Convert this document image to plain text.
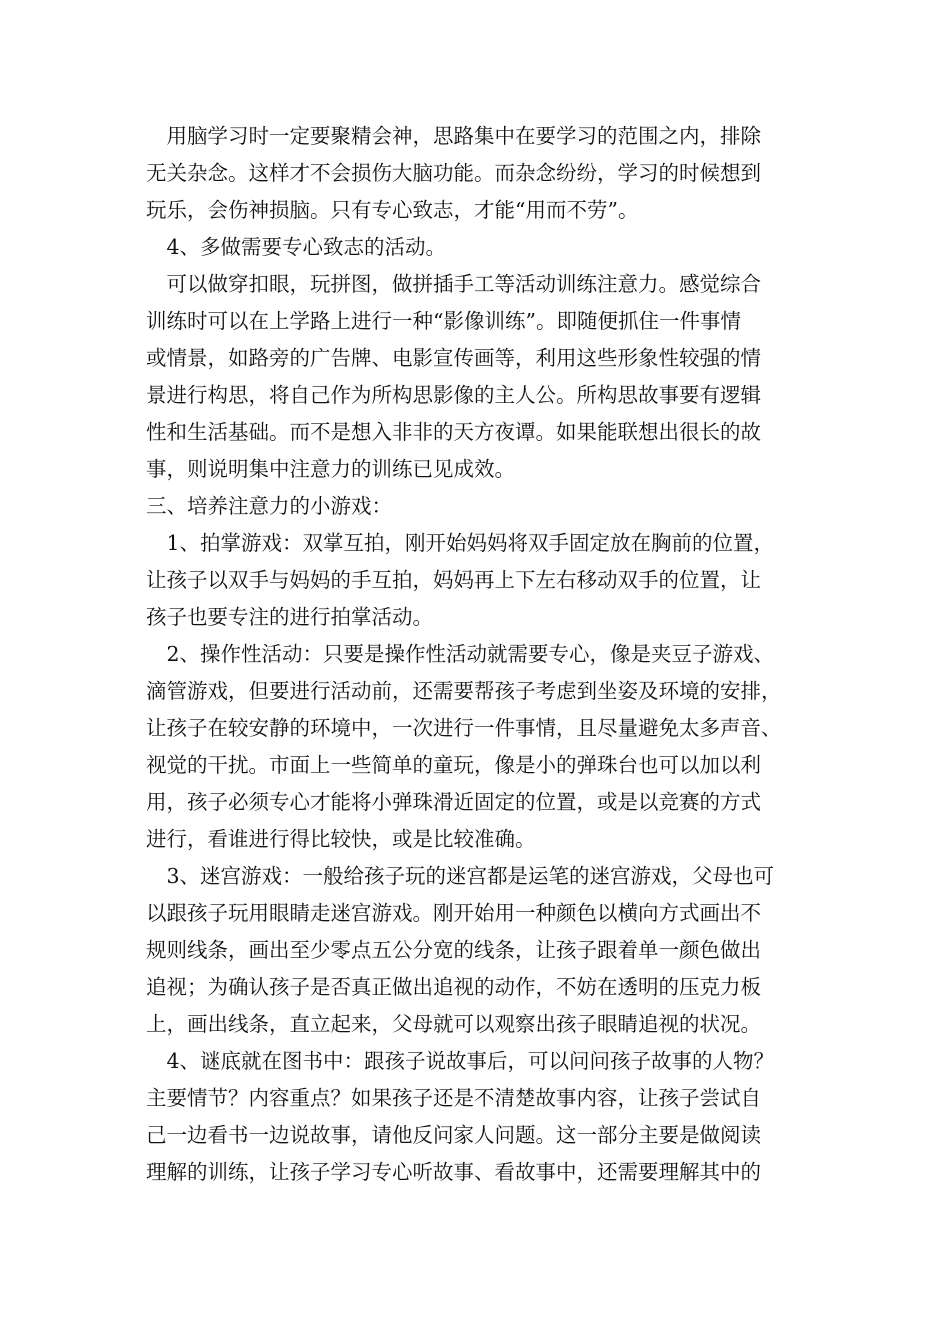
　用脑学习时一定要聚精会神，思路集中在要学习的范围之内，排除
无关杂念。这样才不会损伤大脑功能。而杂念纷纷，学习的时候想到
玩乐，会伤神损脑。只有专心致志，才能“用而不劳”。
　4、多做需要专心致志的活动。
　可以做穿扣眼，玩拼图，做拼插手工等活动训练注意力。感觉综合
训练时可以在上学路上进行一种“影像训练”。即随便抓住一件事情
或情景，如路旁的广告牌、电影宣传画等，利用这些形象性较强的情
景进行构思，将自己作为所构思影像的主人公。所构思故事要有逻辑
性和生活基础。而不是想入非非的天方夜谭。如果能联想出很长的故
事，则说明集中注意力的训练已见成效。
三、培养注意力的小游戏：
　1、拍掌游戏：双掌互拍，刚开始妈妈将双手固定放在胸前的位置，
让孩子以双手与妈妈的手互拍，妈妈再上下左右移动双手的位置，让
孩子也要专注的进行拍掌活动。
　2、操作性活动：只要是操作性活动就需要专心，像是夹豆子游戏、
滴管游戏，但要进行活动前，还需要帮孩子考虑到坐姿及环境的安排，
让孩子在较安静的环境中，一次进行一件事情，且尽量避免太多声音、
视觉的干扰。市面上一些简单的童玩，像是小的弹珠台也可以加以利
用，孩子必须专心才能将小弹珠滑近固定的位置，或是以竞赛的方式
进行，看谁进行得比较快，或是比较准确。
　3、迷宫游戏：一般给孩子玩的迷宫都是运笔的迷宫游戏，父母也可
以跟孩子玩用眼睛走迷宫游戏。刚开始用一种颜色以横向方式画出不
规则线条，画出至少零点五公分宽的线条，让孩子跟着单一颜色做出
追视；为确认孩子是否真正做出追视的动作，不妨在透明的压克力板
上，画出线条，直立起来，父母就可以观察出孩子眼睛追视的状况。
　4、谜底就在图书中：跟孩子说故事后，可以问问孩子故事的人物？
主要情节？内容重点？如果孩子还是不清楚故事内容，让孩子尝试自
己一边看书一边说故事，请他反问家人问题。这一部分主要是做阅读
理解的训练，让孩子学习专心听故事、看故事中，还需要理解其中的
